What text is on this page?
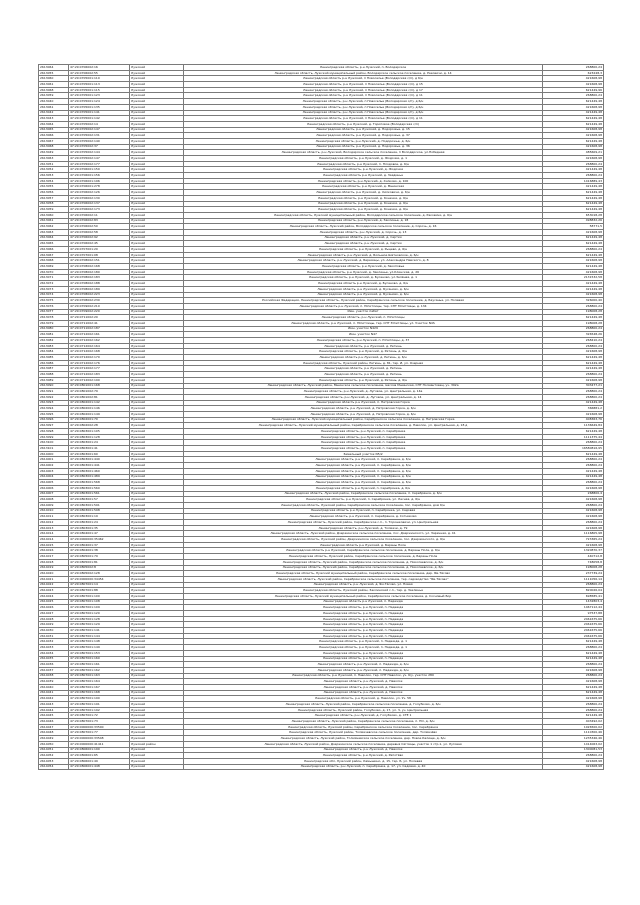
2613064	47:29:0706002:16	Лужский	Ленинградская область, р-н Лужский, п. Володарское	268800,24
2613055	47:29:0706002:55	Лужский	Ленинградская область, Лужский муниципальный район, Володарское сельское поселение, д. Раковичи, д. 14	623248,3
2613060	47:29:0705001:110	Лужский	Ленинградская область р-н Лужский, п Новоселье (Володарская с/п), д 6/н	421608,98
2613061	47:29:0705001:113	Лужский	Ленинградская область, р-н Лужский, п Новоселье (Володарская с/п), д 15	421608,98
2613068	47:29:0705001:115	Лужский	Ленинградская область, р-н Лужский, п Новоселье (Володарская с/п), д 17	621449,96
2613059	47:29:0705001:123	Лужский	Ленинградская область, р-н Лужский, п Новоселье (Володарская с/п), д 11	268800,24
2613040	47:29:0705001:124	Лужский	Ленинградская область, р-н Лужский, п Новоселье (Володарская с/п), д 6/н	621449,48
2613061	47:29:0705001:135	Лужский	Ленинградская область, р-н Лужский, п Новоселье (Володарская с/п), д 6/н	421608,98
2613042	47:29:0705001:141	Лужский	Ленинградская область, р-н Лужский, п Новоселье (Володарская с/п), д 6/н	421449,48
2613043	47:29:0705001:142	Лужский	Ленинградская область, р-н Лужский, п Новоселье (Володарская с/п), д 11	621449,48
2613064	47:29:0705002:14	Лужский	Ленинградская область, р-н Лужский, д. Тороповое (Володарская с/п)	621449,48
2613065	47:29:0705002:147	Лужский	Ленинградская область, р-н Лужский, д. Подорожье, д. 15	421608,98
2613066	47:29:0705002:131	Лужский	Ленинградская область, р-н Лужский, д. Подорожье, д. 37	421608,98
2613067	47:29:0705002:140	Лужский	Ленинградская область, р-н Лужский, д. Подорожье, д. 6/н	621449,48
2613068	47:29:0705002:37	Лужский	Ленинградская область, р-н Лужский, д. Подорожье, д. 36	421608,98
2613049	47:29:0705002:144	Лужский	Ленинградская область, р-н Лужский, Володарское сельское поселение, п Володарское, ул.Победная	485609,21
2613063	47:29:0705002:147	Лужский	Ленинградская область, р-н Лужский, д. Жодочки, д. 1	421608,98
2613051	47:29:0705002:177	Лужский	Ленинградская область, р-н Лужский, п. Плодовое, д. 6/н	268800,24
2613052	47:29:0706001:150	Лужский	Ленинградская область, р-н Лужский, д. Жодочки	421449,48
2613053	47:29:0706001:156	Лужский	Ленинградская область р-н Лужский, д. Заядинье	268800,24
2613054	47:29:0706001:196	Лужский	Ленинградская область, р-н Лужский, д. Хилково, д. 100	1416889,43
2613055	47:29:0706001:278	Лужский	Ленинградская область, р-н Лужский, д. Мшинская	421449,48
2613056	47:29:0706002:126	Лужский	Ленинградская область, р-н Лужский, д. Хилковичи, д. 6/н	621449,48
2613057	47:29:0706002:130	Лужский	Ленинградская область, р-н Лужский, д. Конечки, д. 6/н	621449,48
2613058	47:29:0706002:137	Лужский	Ленинградская область, р-н Лужский, д. Конечки, д. 6/н	621449,48
2613059	47:29:0706002:173	Лужский	Ленинградская область, р-н Лужский, д. Конечки, д. 6/н	621449,48
2613060	47:29:0706002:11	Лужский	Ленинградская область, Лужский муниципальный район, Володарское сельское поселение, д. Раковичи, д. 6/н	653018,28
2613061	47:29:0706002:83	Лужский	Ленинградская область, р-н Лужский, д. Заклинье, д. 18	498832,26
2613062	47:29:0706002:50	Лужский	Ленинградская область, Лужский район, Володарское сельское поселение, д. Сорочь, д. 16	58771,5
2613063	47:29:0706002:58	Лужский	Ленинградская область, р-н Лужский, д. Сорочь, д. 13	421608,98
2613064	47:29:0706002:92	Лужский	Ленинградская область, р-н Лужский, д. Сертки	621449,48
2613065	47:29:0706002:45	Лужский	Ленинградская область, р-н Лужский, д. Сертки	621449,48
2613066	47:29:0707001:20	Лужский	Ленинградская область, р-н Лужский, д. Рыцево, д. 6/н	268800,24
2613067	47:29:0707001:08	Лужский	Ленинградская область, р-н Лужский, д. Большое Шатновское, д. 6/н	621449,48
2613068	47:29:0708002:151	Лужский	Ленинградская область, р-н Лужский, д. Березицы, ул. Александра Невского, д. 8	421608,98
2613069	47:29:0708002:168	Лужский	Ленинградская область, р-н Лужский, д. Закоповье	621449,48
2613070	47:29:0708002:180	Лужский	Ленинградская область, р-н Лужский, д. Заклинье, ул.Клинская, д. 26	421608,98
2613071	47:29:0708002:183	Лужский	Ленинградская область, р-н Лужский, д. Бусаново, ул.Зелёная, д. 1	2131532,58
2613072	47:29:0708002:188	Лужский	Ленинградская область р-н Лужский, д. Бусаново, д. 6/н	421449,48
2613073	47:29:0708002:189	Лужский	Ленинградская область, р-н Лужский, д. Бусаново, д. 6/н	421449,48
2613074	47:29:0708002:223	Лужский	Ленинградская область, р-н Лужский, д. Бусаново, д. 6/н	421608,98
2613075	47:29:0708002:230	Лужский	Российская Федерация, Ленинградская область, Лужский район, Серебрянское сельское поселение, д. Баусанье, ул. Полевая	326000,40
2613076	47:29:0709002:210	Лужский	Ленинградская область р-н Лужский, п. Юпитлицы, тер. СНТ Юпитлицы, д. 134	268800,24
2613077	47:29:0709002:220	Лужский	Имн. участок пабат	198008,28
2613078	47:29:0711002:20	Лужский	Ленинградская область, р-н Лужский, п. Юпитлицы	621449,48
2613079	47:29:0711002:41	Лужский	Ленинградская область, р-н Лужский, п. Юпитлицы, тер. СНТ Юпитлицы, ул. Участок N4S	198008,28
2613080	47:29:0711002:187	Лужский	Имн. участок N429	268800,24
2613081	47:29:0712002:161	Лужский	Имн. участок N47	326548,26
2613082	47:29:0712002:162	Лужский	Ленинградская область, р-н Лужский, п. Юпитлицы, д. 37	268410,24
2613083	47:29:0712002:164	Лужский	Ленинградская область, р-н Лужский, д. Ретюнь	268800,24
2613084	47:29:0712002:168	Лужский	Ленинградская область, р-н Лужский, д. Ретюнь, д. 6/н	421608,98
2613085	47:29:0712002:170	Лужский	Ленинградская область р-н Лужский, д. Ретюнь, д. 6/н	621449,48
2613086	47:29:0712002:176	Лужский	Ленинградская область, Лужский район, Ретюнь, д. 81, тер. И, ул. Озерная	621449,48
2613087	47:29:0712002:177	Лужский	Ленинградская область, р-н Лужский, д. Ретюнь	421449,48
2613088	47:29:0712002:183	Лужский	Ленинградская область, р-н Лужский, д. Ретюнь	268800,24
2613089	47:29:0712002:190	Лужский	Ленинградская область, р-н Лужский, д. Ретюнь, д. 6/н	421608,98
2613090	47:29:0801001:168	Лужский	Ленинградская область, Лужский район, Мшинское сельское поселение, массив Мшинская, СНТ Полиантовец, уч. 392а	303477,21
2613091	47:29:0801002:79	Лужский	Ленинградская область, р-н Лужский, д. Луговое, ул. Центральная, д. 14а	268800,24
2613092	47:29:0801002:81	Лужский	Ленинградская область, р-н Лужский, д. Луговое, ул. Центральная, д. 14	268800,24
2613093	47:29:0802001:142	Лужский	Ленинградская область р-н Лужский, п. Петровская Горка	421449,48
2613094	47:29:0802001:146	Лужский	Ленинградская область, р-н Лужский, д. Петровская Горка, д. 6/н	366881,2
2613095	47:29:0802001:149	Лужский	Ленинградская область, р-н Лужский, д. Петровская Горка, д. 6/н	421608,98
2613096	47:29:0802001:70	Лужский	Ленинградская область, Лужский муниципальный район, Серебрянское сельское поселение, д. Петровская Горка	408363,76
2613097	47:29:0802002:28	Лужский	Ленинградская область, Лужский муниципальный район, Серебрянское сельское поселение, д. Наволок, ул. Центральная, д. 18 д	1136649,84
2613098	47:29:0803001:105	Лужский	Ленинградская область, р-н Лужский, п. Серебрянка	621449,48
2613099	47:29:0803001:128	Лужский	Ленинградская область, р-н Лужский, п. Серебрянка	1111375,44
2613100	47:29:0803001:24	Лужский	Ленинградская область, р-н Лужский, п. Серебрянка	268800,24
2613101	47:29:0803001:41	Лужский	Ленинградская область, р-н Лужский, п. Серебрянка	16580816,95
2614000	47:29:0803001:60	Лужский	Земельный участок N5/2	621449,48
2614001	47:29:0803001:440	Лужский	Ленинградская область, р-н Лужский, п. Серебрянка, д. 6/н	268800,24
2614002	47:29:0803001:441	Лужский	Ленинградская область, р-н Лужский, п. Серебрянка, д. 6/н	268800,24
2614003	47:29:0803001:460	Лужский	Ленинградская область, р-н Лужский, п. Серебрянка, д. 6/н	421449,48
2614004	47:29:0803001:489	Лужский	Ленинградская область, р-н Лужский, п. Серебрянка, д. 6/н	421449,48
2614005	47:29:0803001:568	Лужский	Ленинградская область, р-н Лужский, п. Серебрянка, д. 6/н	268800,24
2614006	47:29:0803001:560	Лужский	Ленинградская область р-н Лужский, п. Серебрянка, д. 6/н	421608,98
2614007	47:29:0803001:561	Лужский	Ленинградская область, Лужский район, Серебрянское сельское поселение, п. Серебрянка, д. 6/н	268800,4
2614008	47:29:0803001:57	Лужский	Ленинградская область, р-н Лужский, п. Серебрянка, ул. Лесная, д. 6/н	421608,98
2614009	47:29:0803001:591	Лужский	Ленинградская область, Лужский район, Серебрянское сельское поселение, пос. Серебрянка, дом 6/н	268800,24
2614010	47:29:0803001:598	Лужский	Ленинградская область р-н Лужский, п. Серебрянка, ул. Садовая	421608,98
2614011	47:29:0803001:19	Лужский	Ленинградская область, р-н Лужский, п. Серебрянка, д. Сотниково	421608,98
2614012	47:29:0803001:24	Лужский	Ленинградская область, Лужский район, Серебрянское с.п., п. Торошковичи, ул. Центральная	268800,24
2614013	47:29:0803001:35	Лужский	Ленинградская область, р-н Лужский, д. Толмачи, д. 79	421608,98
2614014	47:29:0804001:47	Лужский	Ленинградская область, Лужский район, Дзержинское сельское поселение, пос. Дзержинского, ул. Заречная, д. 41	1116805,98
2614014	47:29:0000000:35462	Лужский	Ленинградская область, Лужский район, Дзержинское сельское поселение, пос. Дзержинского, д. 6/н	723365,24
2614015	47:29:0804001:37	Лужский	Ленинградская область р-н Лужский, д. Бараны Поле	421608,98
2614016	47:29:0804001:38	Лужский	Ленинградская область р-н Лужский, Серебрянское сельское поселение, д. Бараны Поле, д. 6/н	1320870,37
2614017	47:29:0805001:79	Лужский	Ленинградская область, Лужский район, Серебрянское сельское поселение, д. Бараны Поле	440712,8
2614018	47:29:0805001:81	Лужский	Ленинградская область, Лужский район, Серебрянское сельское поселение, д. Николаевское, д. 6/н	748058,8
2614019	47:29:0805002:8	Лужский	Ленинградская область, Лужский район, Серебрянское сельское поселение, д. Николаевское, д. 6/н	198008,28
2614020	47:29:0805002:128	Лужский	Ленинградская область, Лужский муниципальный район, Серебрянское сельское поселение, дер. Ям-Тёсово	237739,24
2614021	47:29:0000000:34454	Лужский	Ленинградская область, Лужский район, Серебрянское сельское поселение, тер. садоводство "Ям-Тёсово"	1111056,14
2614022	47:29:0807001:14	Лужский	Ленинградская область, р-н Лужский, д. Ям-Тёсово, ул. Новая	268800,24
2614023	47:29:0807001:88	Лужский	Ленинградская область, Лужский район, Заклинский с.п., тер. д. Заклинье	820026,04
2614024	47:29:0807001:100	Лужский	Ленинградская область, Лужский муниципальный район, Серебрянское сельское поселение, д. Сосновый Бор	698585,41
2614025	47:29:0807001:108	Лужский	Ленинградская область р-н Лужский, п. Надежда	1432803,4
2614026	47:29:0807001:109	Лужский	Ленинградская область, р-н Лужский, п. Надежда	1467112,44
2614027	47:29:0807001:120	Лужский	Ленинградская область, р-н Лужский, п. Надежда	97537,88
2614028	47:29:0807001:128	Лужский	Ленинградская область, р-н Лужский, п. Надежда	2461675,66
2614029	47:29:0807001:129	Лужский	Ленинградская область, р-н Лужский, п. Надежда	2461675,66
2614030	47:29:0807001:141	Лужский	Ленинградская область, р-н Лужский, п. Надежда	2461675,66
2614031	47:29:0807001:144	Лужский	Ленинградская область, р-н Лужский, п. Надежда	2461675,66
2614032	47:29:0807001:148	Лужский	Ленинградская область, р-н Лужский, п. Надежда, д. 1	621449,48
2614033	47:29:0807001:149	Лужский	Ленинградская область, р-н Лужский, п. Надежда, д. 1	268800,24
2614034	47:29:0807001:153	Лужский	Ленинградская область, р-н Лужский, п. Надежда	621449,48
2614035	47:29:0807001:160	Лужский	Ленинградская область, р-н Лужский, п. Надежда	621449,48
2614036	47:29:0807001:161	Лужский	Ленинградская область, р-н Лужский, п. Надежда, д. 6/н	268800,24
2614037	47:29:0807001:162	Лужский	Ленинградская область, р-н Лужский, п. Надежда, д. 6/н	421608,98
2614038	47:29:0807001:163	Лужский	Ленинградская область, р-н Лужский, п. Наволок, тер. СНТ Наволок, уч. 6/у, участок 280	268800,24
2614039	47:29:0807001:164	Лужский	Ленинградская область, р-н Лужский, д. Наволок	421608,98
2614040	47:29:0807001:167	Лужский	Ленинградская область, р-н Лужский, д. Наволок	621449,48
2614041	47:29:0807001:168	Лужский	Ленинградская область, р-н Лужский, д. Наволок	621449,48
2614042	47:29:0807001:190	Лужский	Ленинградская область, р-н Лужский, д. Наволок, ул. Уч. 58	421608,98
2614043	47:29:0807001:191	Лужский	Ленинградская область, Лужский район, Серебрянское сельское поселение, д. Голубково, д. 6/н	268800,24
2614044	47:29:0807001:192	Лужский	Ленинградская область, Лужский район, Голубково, д. 17, ул. Ч, уч. Центральная	268800,24
2614045	47:29:0807001:72	Лужский	Ленинградская область, р-н Лужский, д. Голубково, д. СТЕ 1	621449,48
2614046	47:29:0807001:73	Лужский	Ленинградская область, Лужский район, Серебрянское сельское поселение, п. НО, д. 6/н	403492,02
2614047	47:29:0000000:33500	Лужский	Ленинградская область, Лужский район, Серебрянское сельское поселение, пос. Серебрянка	1026500,02
2614048	47:29:0807001:77	Лужский	Ленинградская область, Лужский район, Толмачевское сельское поселение, дер. Толмачёво	1110300,46
2614049	47:29:0000000:33548	Лужский	Ленинградская область, Лужский район, Толмачевское сельское поселение, дер. Новое Калище, д. 6/н	1235346,46
2614050	47:29:0000000:41411	Лужский район	Ленинградская область, Лужский район, Дзержинское сельское поселение, деревня Сяглицы, участок 1 стр.1, ул. Луговая	1414063,02
2614051	47:29:0806001:190	Лужский	Ленинградская область, р-н Лужский, д. Наволок	1300081,53
2614052	47:29:0806001:65	Лужский	Ленинградская область, р-н Лужский, д. Рапотёво	268800,24
2614053	47:29:0806001:49	Лужский	Ленинградская обл, Лужский район, Камышино, д. 15, тер. Б, ул. Полевая	421608,98
2614054	47:29:0806001:448	Лужский	Ленинградская область, р-н Лужский, п. Серебрянка, д. 17, ул. Садовая, д. 40	421608,98
